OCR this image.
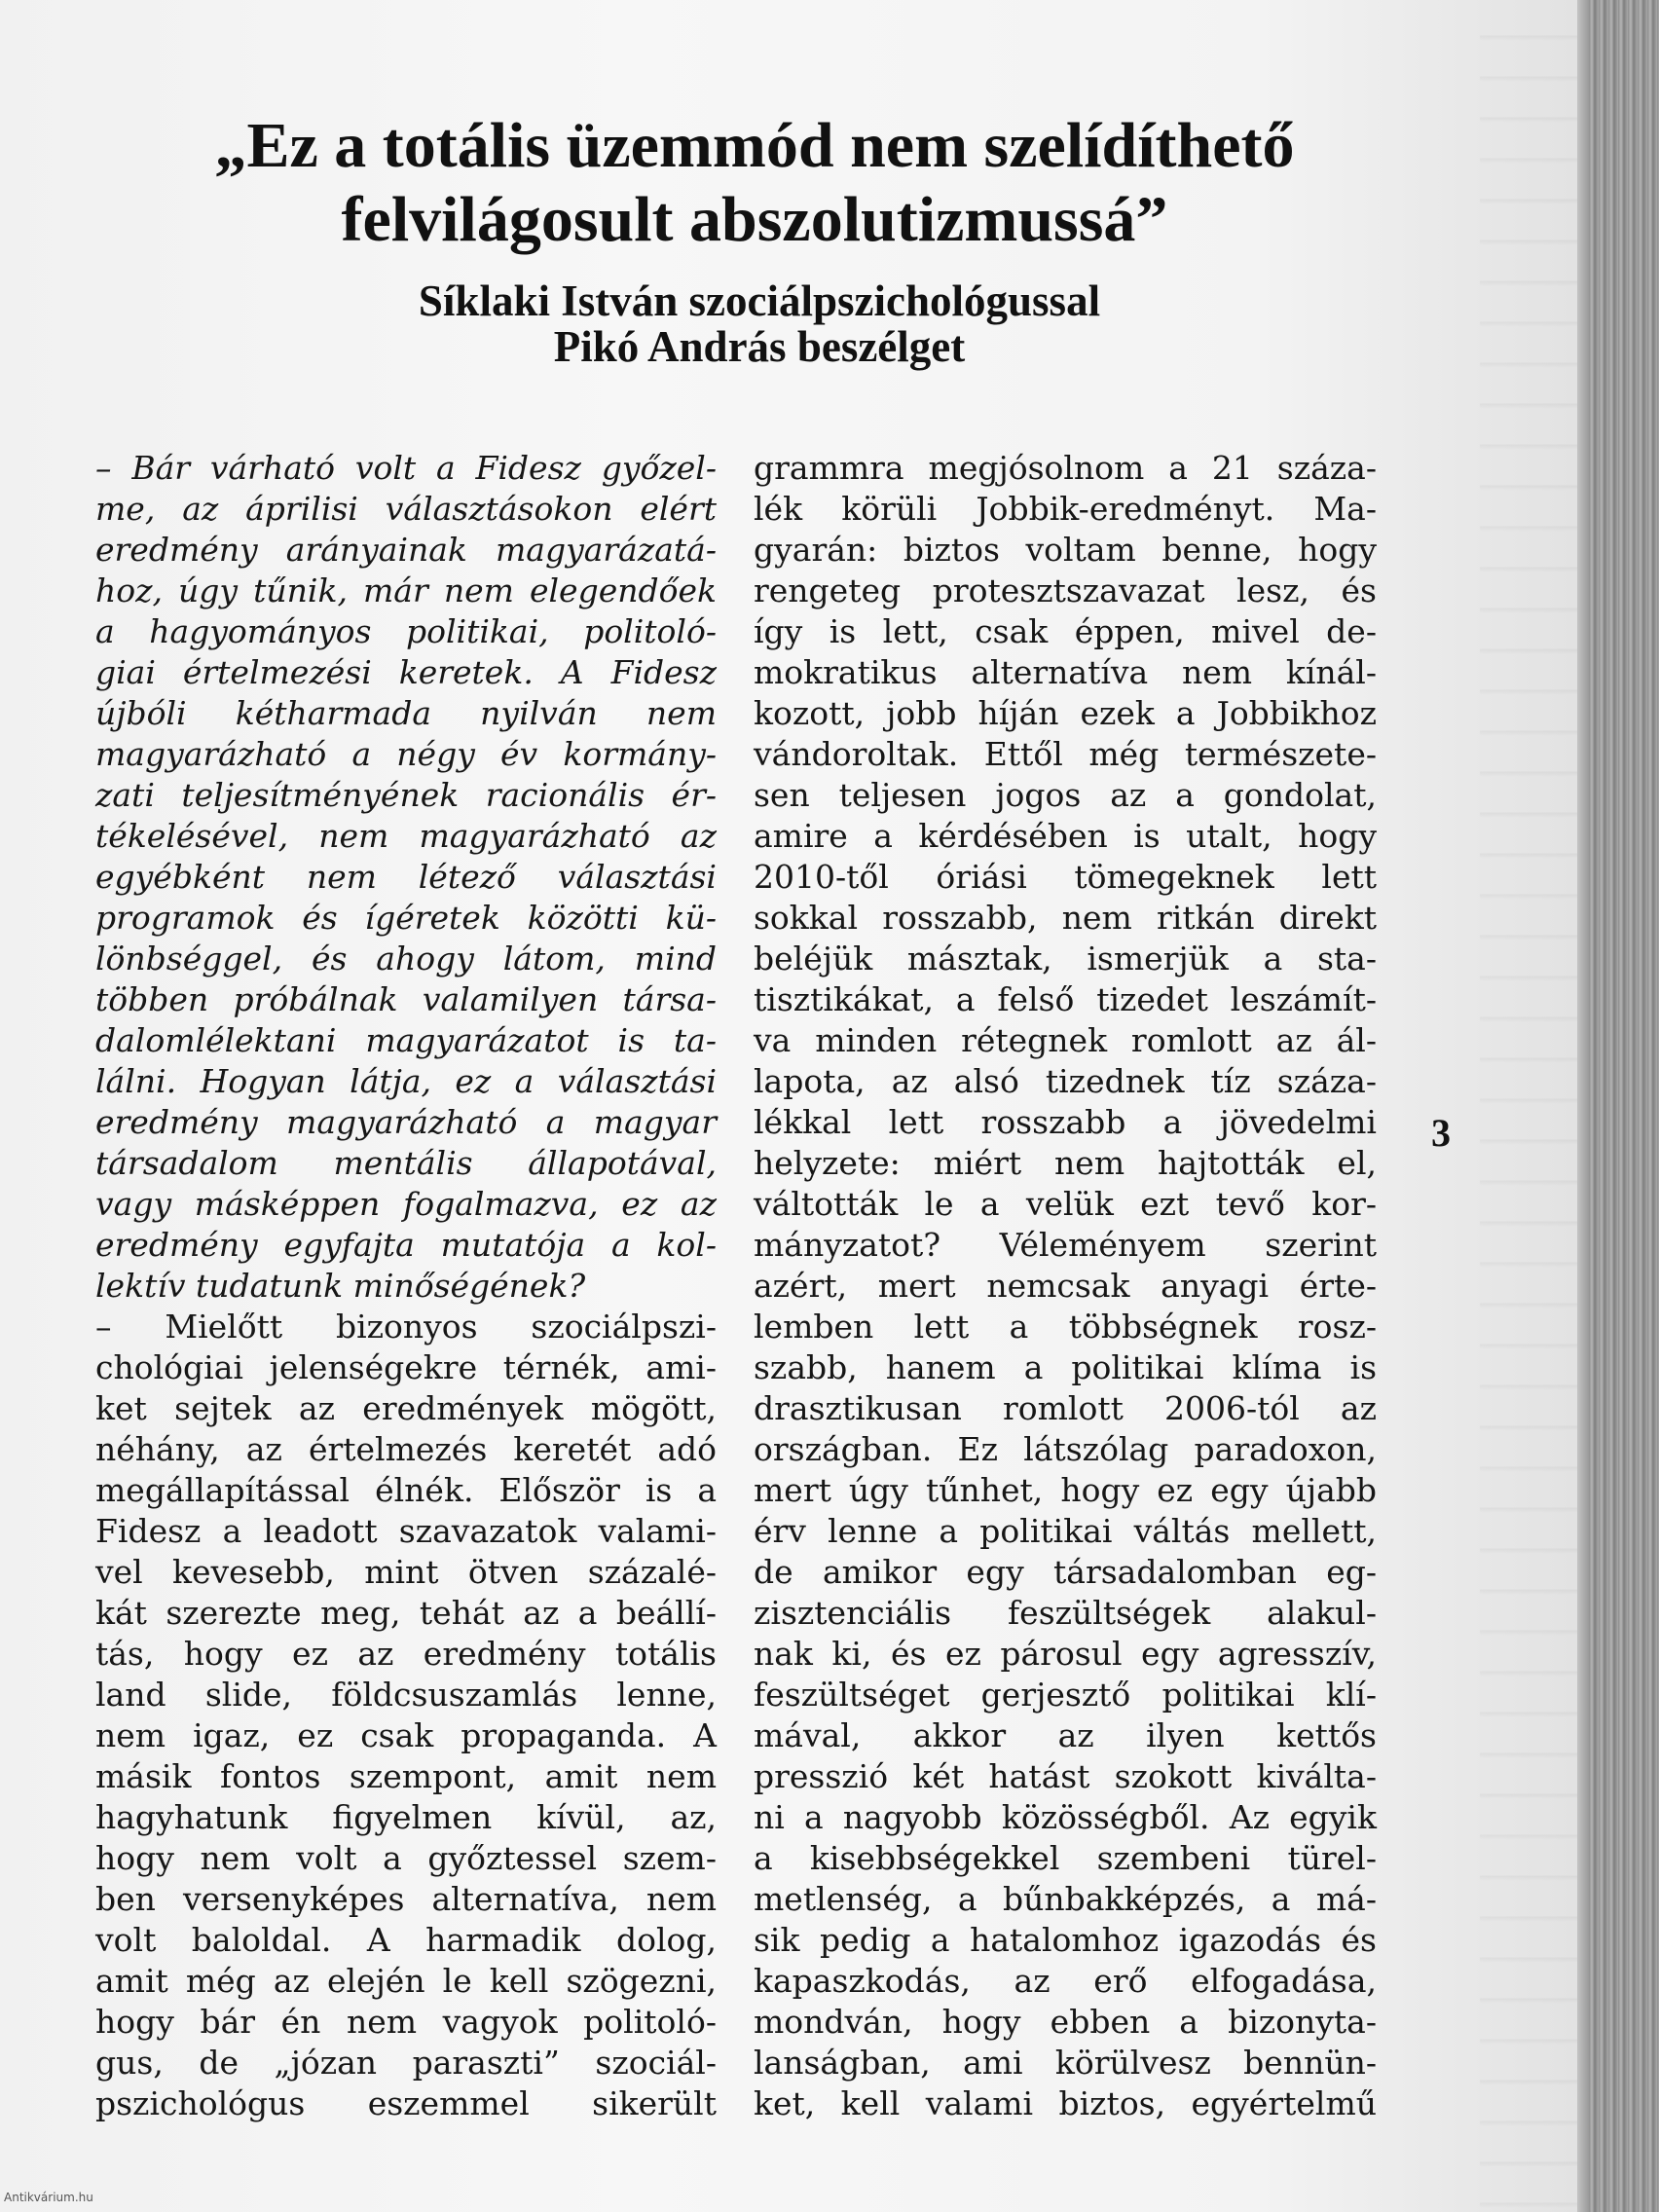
„Ez a totális üzemmód nem szelídíthető
felvilágosult abszolutizmussá”
Síklaki István szociálpszichológussal
Pikó András beszélget
– Bár várható volt a Fidesz győzel-
me, az áprilisi választásokon elért
eredmény arányainak magyarázatá-
hoz, úgy tűnik, már nem elegendőek
a hagyományos politikai, politoló-
giai értelmezési keretek. A Fidesz
újbóli kétharmada nyilván nem
magyarázható a négy év kormány-
zati teljesítményének racionális ér-
tékelésével, nem magyarázható az
egyébként nem létező választási
programok és ígéretek közötti kü-
lönbséggel, és ahogy látom, mind
többen próbálnak valamilyen társa-
dalomlélektani magyarázatot is ta-
lálni. Hogyan látja, ez a választási
eredmény magyarázható a magyar
társadalom mentális állapotával,
vagy másképpen fogalmazva, ez az
eredmény egyfajta mutatója a kol-
lektív tudatunk minőségének?
– Mielőtt bizonyos szociálpszi-
chológiai jelenségekre térnék, ami-
ket sejtek az eredmények mögött,
néhány, az értelmezés keretét adó
megállapítással élnék. Először is a
Fidesz a leadott szavazatok valami-
vel kevesebb, mint ötven százalé-
kát szerezte meg, tehát az a beállí-
tás, hogy ez az eredmény totális
land slide, földcsuszamlás lenne,
nem igaz, ez csak propaganda. A
másik fontos szempont, amit nem
hagyhatunk figyelmen kívül, az,
hogy nem volt a győztessel szem-
ben versenyképes alternatíva, nem
volt baloldal. A harmadik dolog,
amit még az elején le kell szögezni,
hogy bár én nem vagyok politoló-
gus, de „józan paraszti” szociál-
pszichológus eszemmel sikerült
grammra megjósolnom a 21 száza-
lék körüli Jobbik-eredményt. Ma-
gyarán: biztos voltam benne, hogy
rengeteg protesztszavazat lesz, és
így is lett, csak éppen, mivel de-
mokratikus alternatíva nem kínál-
kozott, jobb híján ezek a Jobbikhoz
vándoroltak. Ettől még természete-
sen teljesen jogos az a gondolat,
amire a kérdésében is utalt, hogy
2010-től óriási tömegeknek lett
sokkal rosszabb, nem ritkán direkt
beléjük másztak, ismerjük a sta-
tisztikákat, a felső tizedet leszámít-
va minden rétegnek romlott az ál-
lapota, az alsó tizednek tíz száza-
lékkal lett rosszabb a jövedelmi
helyzete: miért nem hajtották el,
váltották le a velük ezt tevő kor-
mányzatot? Véleményem szerint
azért, mert nemcsak anyagi érte-
lemben lett a többségnek rosz-
szabb, hanem a politikai klíma is
drasztikusan romlott 2006-tól az
országban. Ez látszólag paradoxon,
mert úgy tűnhet, hogy ez egy újabb
érv lenne a politikai váltás mellett,
de amikor egy társadalomban eg-
zisztenciális feszültségek alakul-
nak ki, és ez párosul egy agresszív,
feszültséget gerjesztő politikai klí-
mával, akkor az ilyen kettős
presszió két hatást szokott kiválta-
ni a nagyobb közösségből. Az egyik
a kisebbségekkel szembeni türel-
metlenség, a bűnbakképzés, a má-
sik pedig a hatalomhoz igazodás és
kapaszkodás, az erő elfogadása,
mondván, hogy ebben a bizonyta-
lanságban, ami körülvesz bennün-
ket, kell valami biztos, egyértelmű
3
Antikvárium.hu
